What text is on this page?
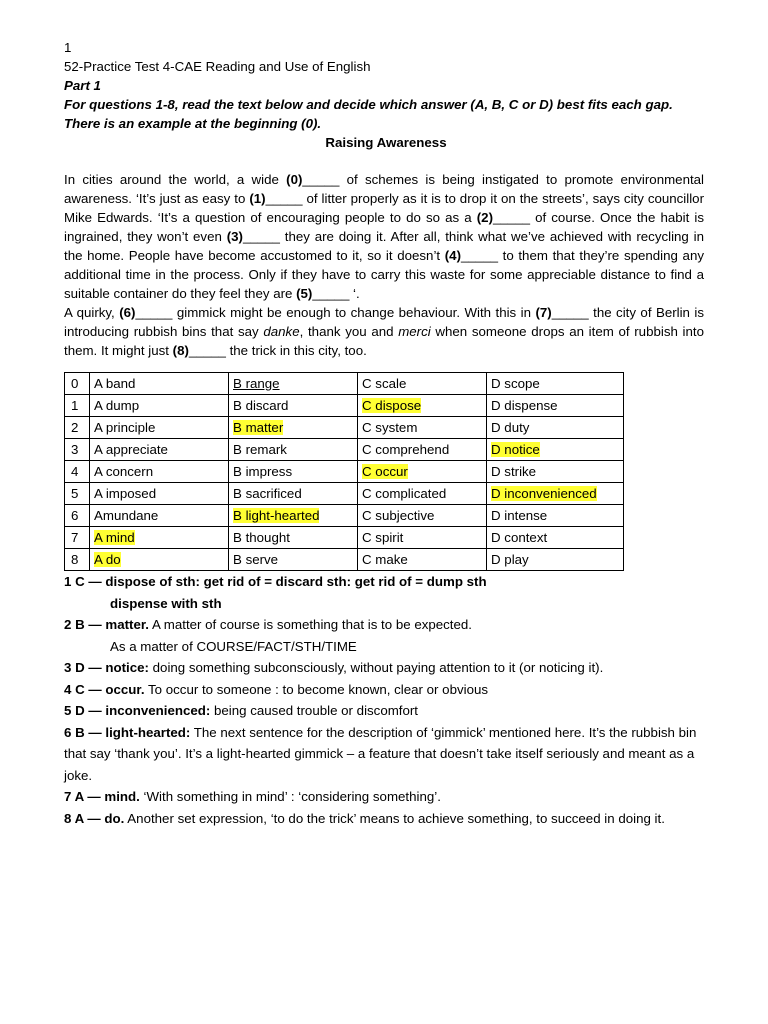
1
52-Practice Test 4-CAE Reading and Use of English
Part 1
For questions 1-8, read the text below and decide which answer (A, B, C or D) best fits each gap.
There is an example at the beginning (0).
Raising Awareness

In cities around the world, a wide (0)_____ of schemes is being instigated to promote environmental awareness. ‘It’s just as easy to (1)_____ of litter properly as it is to drop it on the streets’, says city councillor Mike Edwards. ‘It’s a question of encouraging people to do so as a (2)_____ of course. Once the habit is ingrained, they won’t even (3)_____ they are doing it. After all, think what we’ve achieved with recycling in the home. People have become accustomed to it, so it doesn’t (4)_____ to them that they’re spending any additional time in the process. Only if they have to carry this waste for some appreciable distance to find a suitable container do they feel they are (5)_____ ‘.

A quirky, (6)_____ gimmick might be enough to change behaviour. With this in (7)_____ the city of Berlin is introducing rubbish bins that say danke, thank you and merci when someone drops an item of rubbish into them. It might just (8)_____ the trick in this city, too.

0	A band	B range	C scale	D scope
1	A dump	B discard	C dispose	D dispense
2	A principle	B matter	C system	D duty
3	A appreciate	B remark	C comprehend	D notice
4	A concern	B impress	C occur	D strike
5	A imposed	B sacrificed	C complicated	D inconvenienced
6	Amundane	B light-hearted	C subjective	D intense
7	A mind	B thought	C spirit	D context
8	A do	B serve	C make	D play
1 C — dispose of sth: get rid of = discard sth: get rid of = dump sth
dispense with sth
2 B — matter. A matter of course is something that is to be expected.
As a matter of COURSE/FACT/STH/TIME
3 D — notice: doing something subconsciously, without paying attention to it (or noticing it).
4 C — occur. To occur to someone : to become known, clear or obvious
5 D — inconvenienced: being caused trouble or discomfort
6 B — light-hearted: The next sentence for the description of ‘gimmick’ mentioned here. It’s the rubbish bin that say ‘thank you’. It’s a light-hearted gimmick – a feature that doesn’t take itself seriously and meant as a joke.
7 A — mind. ‘With something in mind’ : ‘considering something’.
8 A — do. Another set expression, ‘to do the trick’ means to achieve something, to succeed in doing it.
